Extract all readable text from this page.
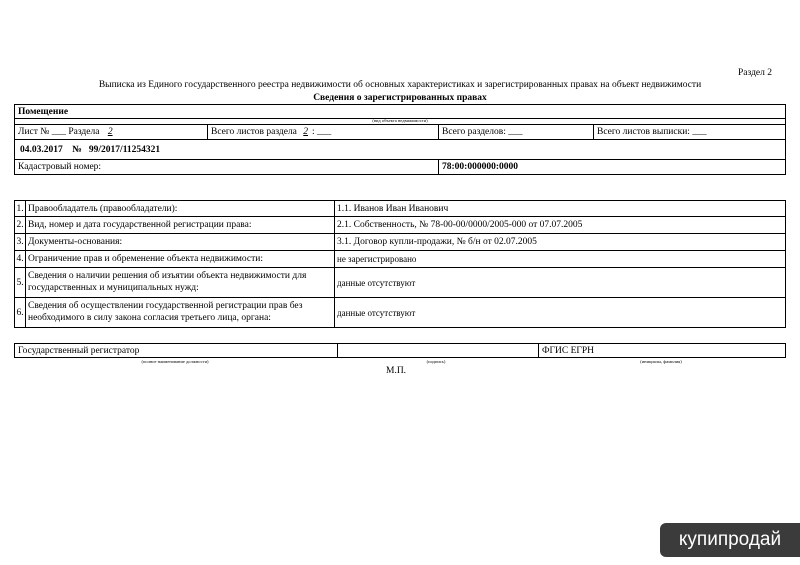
Раздел 2
Выписка из Единого государственного реестра недвижимости об основных характеристиках и зарегистрированных правах на объект недвижимости
Сведения о зарегистрированных правах
Помещение			
(вид объекта недвижимости)			
Лист № ___ Раздела 2	Всего листов раздела 2 : ___	Всего разделов: ___	Всего листов выписки: ___
04.03.2017 № 99/2017/11254321			
Кадастровый номер:		78:00:000000:0000	
1.	Правообладатель (правообладатели):	1.1. Иванов Иван Иванович
2.	Вид, номер и дата государственной регистрации права:	2.1. Собственность, № 78-00-00/0000/2005-000 от 07.07.2005
3.	Документы-основания:	3.1. Договор купли-продажи, № б/н от 02.07.2005
4.	Ограничение прав и обременение объекта недвижимости:	не зарегистрировано
5.	Сведения о наличии решения об изъятии объекта недвижимости для государственных и муниципальных нужд:	данные отсутствуют
6.	Сведения об осуществлении государственной регистрации прав без необходимого в силу закона согласия третьего лица, органа:	данные отсутствуют
Государственный регистратор		ФГИС ЕГРН
(полное наименование должности)	(подпись)	(инициалы, фамилия)
М.П.
купипродай
